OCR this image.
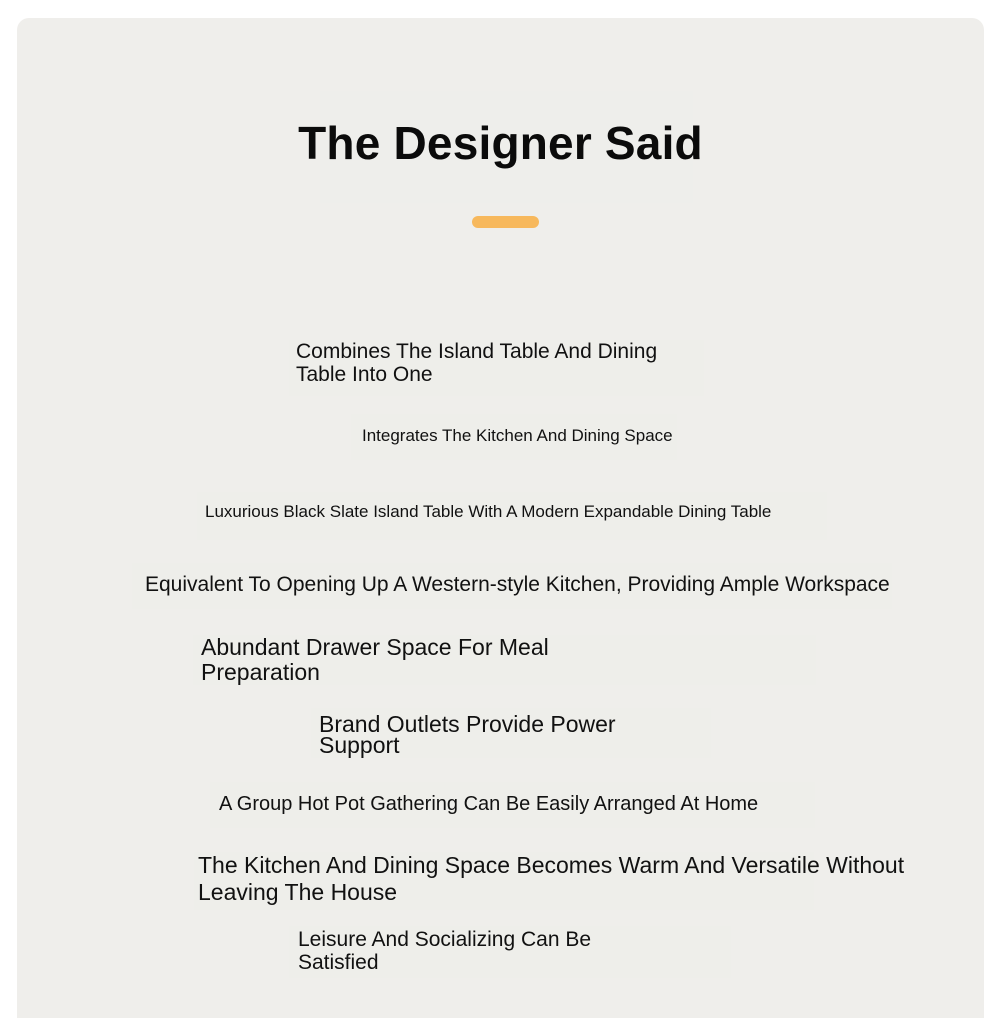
The Designer Said
Combines The Island Table And Dining Table Into One
Integrates The Kitchen And Dining Space
Luxurious Black Slate Island Table With A Modern Expandable Dining Table
Equivalent To Opening Up A Western-style Kitchen, Providing Ample Workspace
Abundant Drawer Space For Meal Preparation
Brand Outlets Provide Power Support
A Group Hot Pot Gathering Can Be Easily Arranged At Home
The Kitchen And Dining Space Becomes Warm And Versatile Without Leaving The House
Leisure And Socializing Can Be Satisfied
